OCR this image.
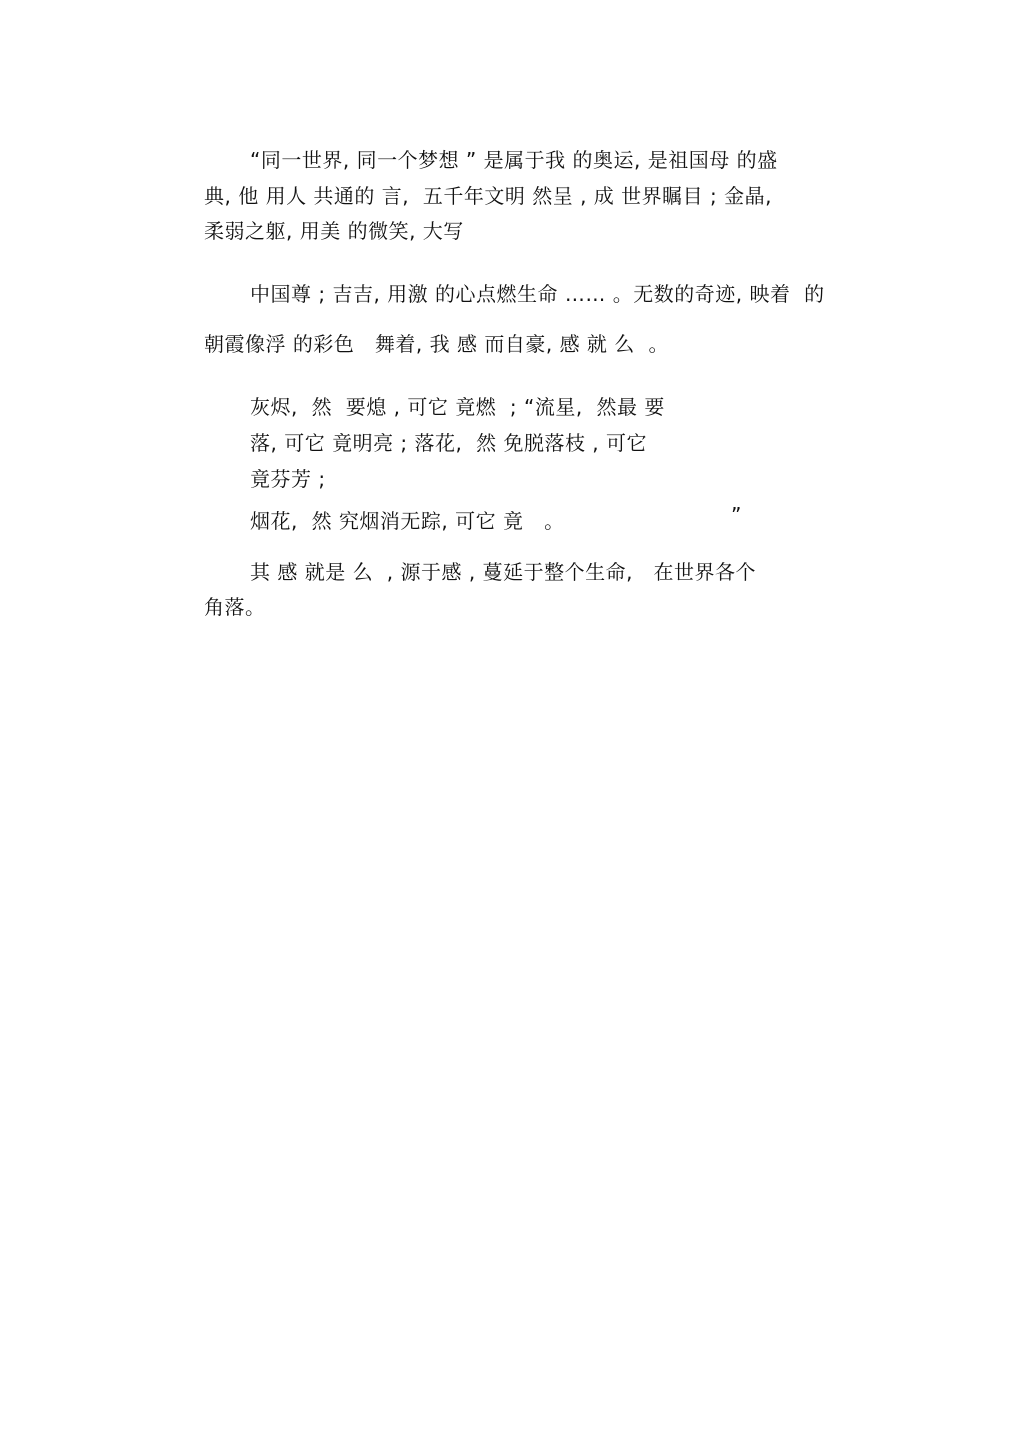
“同一世界, 同一个梦想 ” 是属于我 的奥运, 是祖国母 的盛
典, 他 用人 共通的 言,  五千年文明 然呈 , 成 世界瞩目 ; 金晶,
柔弱之躯, 用美 的微笑, 大写
中国尊 ; 吉吉, 用激 的心点燃生命 …… 。无数的奇迹, 映着  的
朝霞像浮 的彩色   舞着, 我 感 而自豪, 感 就 么  。
灰烬,  然  要熄 , 可它 竟燃  ; “流星,  然最 要
落, 可它 竟明亮 ; 落花,  然 免脱落枝 , 可它
竟芬芳 ;
烟花,  然 究烟消无踪, 可它 竟   。	”
其 感 就是 么  , 源于感 , 蔓延于整个生命,   在世界各个
角落。
